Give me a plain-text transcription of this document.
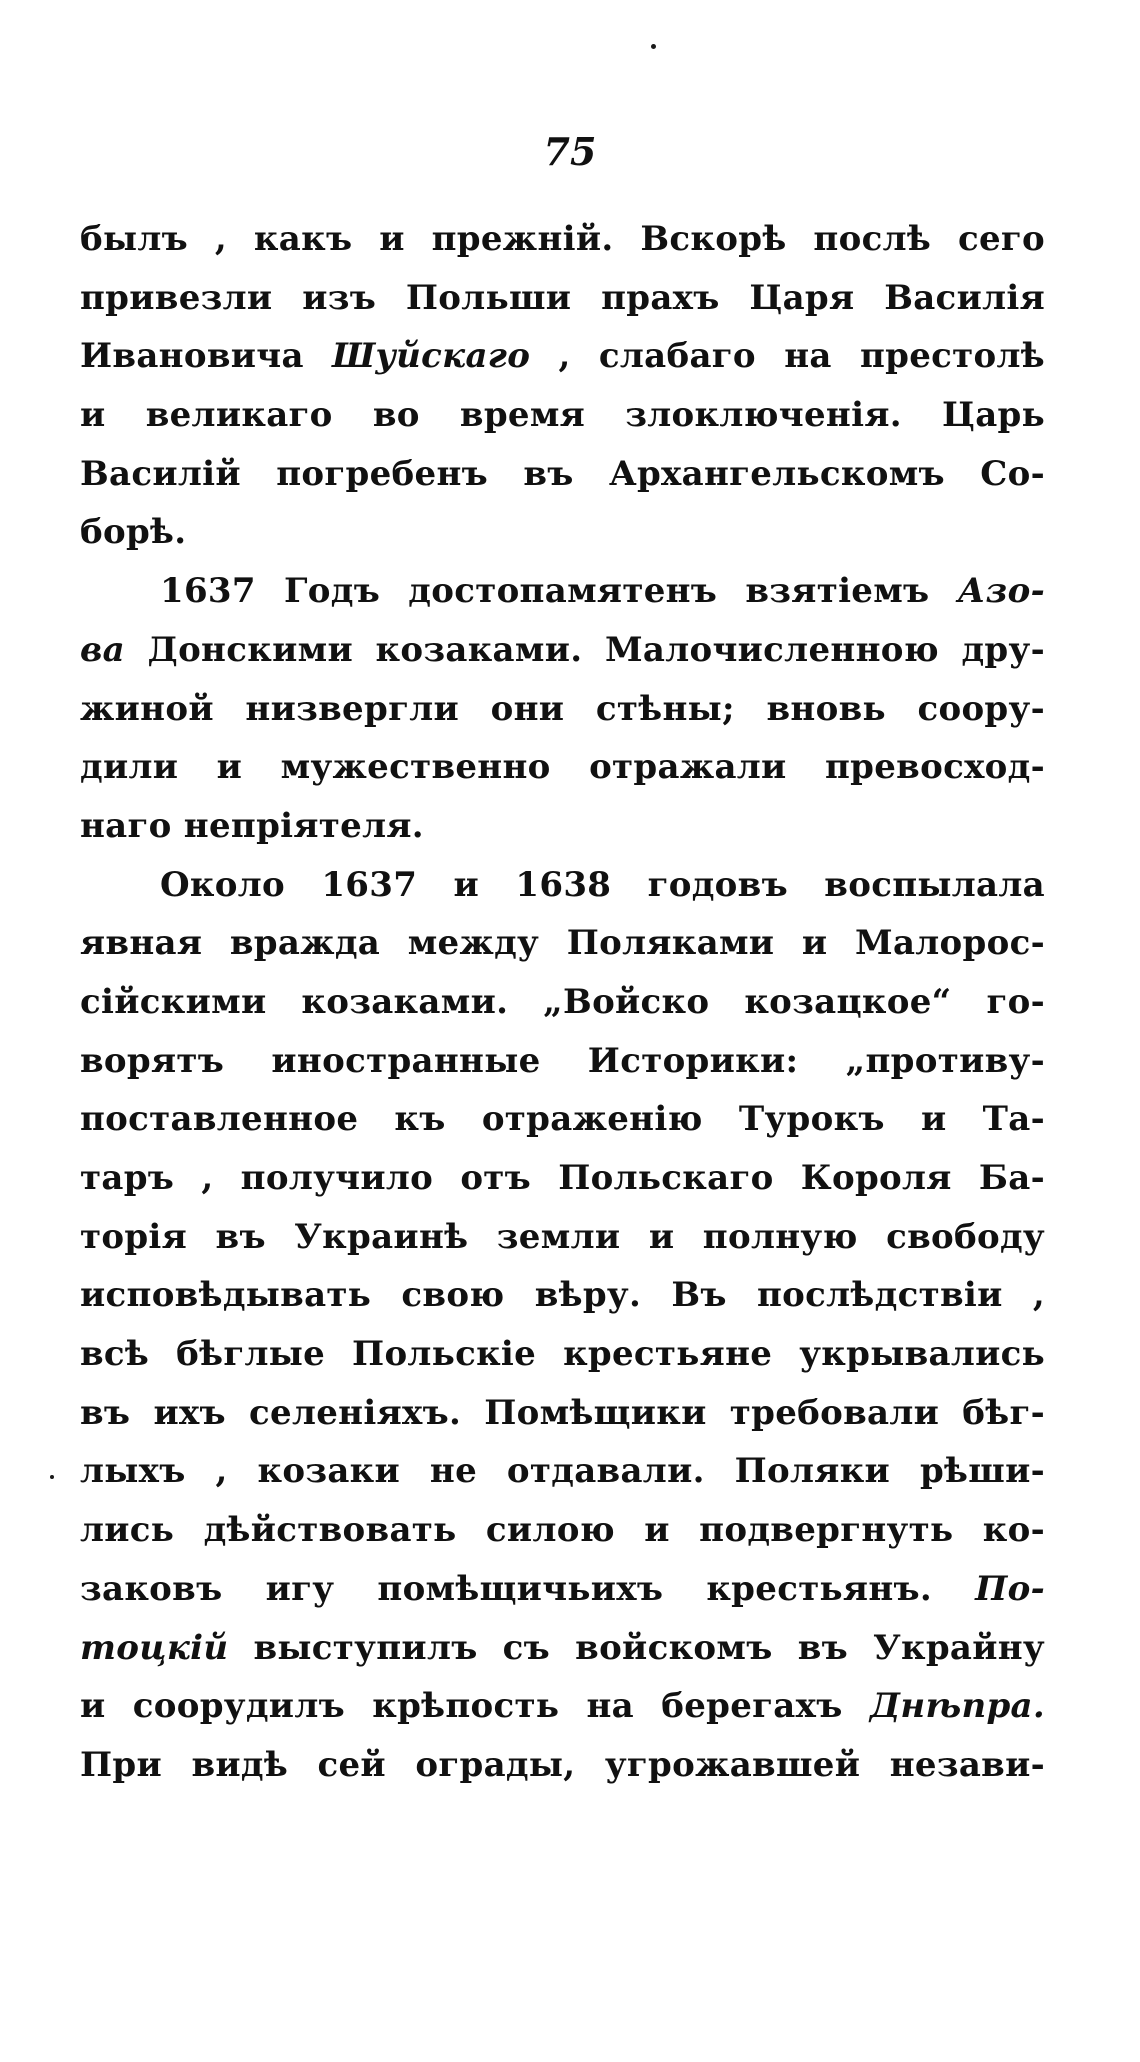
75
былъ , какъ и прежній. Вскорѣ послѣ сего
привезли изъ Польши прахъ Царя Василія
Ивановича Шуйскаго , слабаго на престолѣ
и великаго во время злоключенія. Царь
Василій погребенъ въ Архангельскомъ Со-
борѣ.
1637 Годъ достопамятенъ взятіемъ Азо-
ва Донскими козаками. Малочисленною дру-
жиной низвергли они стѣны; вновь соору-
дили и мужественно отражали превосход-
наго непріятеля.
Около 1637 и 1638 годовъ воспылала
явная вражда между Поляками и Малорос-
сійскими козаками. „Войско козацкое“ го-
ворятъ иностранные Историки: „противу-
поставленное къ отраженію Турокъ и Та-
таръ , получило отъ Польскаго Короля Ба-
торія въ Украинѣ земли и полную свободу
исповѣдывать свою вѣру. Въ послѣдствіи ,
всѣ бѣглые Польскіе крестьяне укрывались
въ ихъ селеніяхъ. Помѣщики требовали бѣг-
лыхъ , козаки не отдавали. Поляки рѣши-
лись дѣйствовать силою и подвергнуть ко-
заковъ игу помѣщичьихъ крестьянъ. По-
тоцкій выступилъ съ войскомъ въ Украйну
и соорудилъ крѣпость на берегахъ Днѣпра.
При видѣ сей ограды, угрожавшей незави-
